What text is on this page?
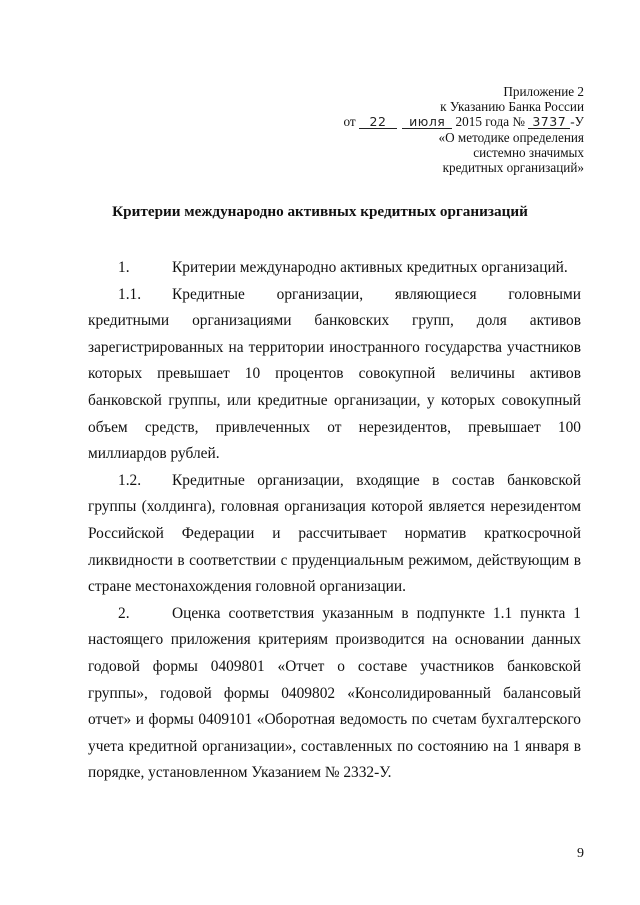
Приложение 2
к Указанию Банка России
от 22 июля 2015 года № 3737 -У
«О методике определения
системно значимых
кредитных организаций»
Критерии международно активных кредитных организаций

1.	Критерии международно активных кредитных организаций.

1.1. Кредитные организации, являющиеся головными кредитными организациями банковских групп, доля активов зарегистрированных на территории иностранного государства участников которых превышает 10 процентов совокупной величины активов банковской группы, или кредитные организации, у которых совокупный объем средств, привлеченных от нерезидентов, превышает 100 миллиардов рублей.

1.2. Кредитные организации, входящие в состав банковской группы (холдинга), головная организация которой является нерезидентом Российской Федерации и рассчитывает норматив краткосрочной ликвидности в соответствии с пруденциальным режимом, действующим в стране местонахождения головной организации.

2.	Оценка соответствия указанным в подпункте 1.1 пункта 1 настоящего приложения критериям производится на основании данных годовой формы 0409801 «Отчет о составе участников банковской группы», годовой формы 0409802 «Консолидированный балансовый отчет» и формы 0409101 «Оборотная ведомость по счетам бухгалтерского учета кредитной организации», составленных по состоянию на 1 января в порядке, установленном Указанием № 2332-У.

9
